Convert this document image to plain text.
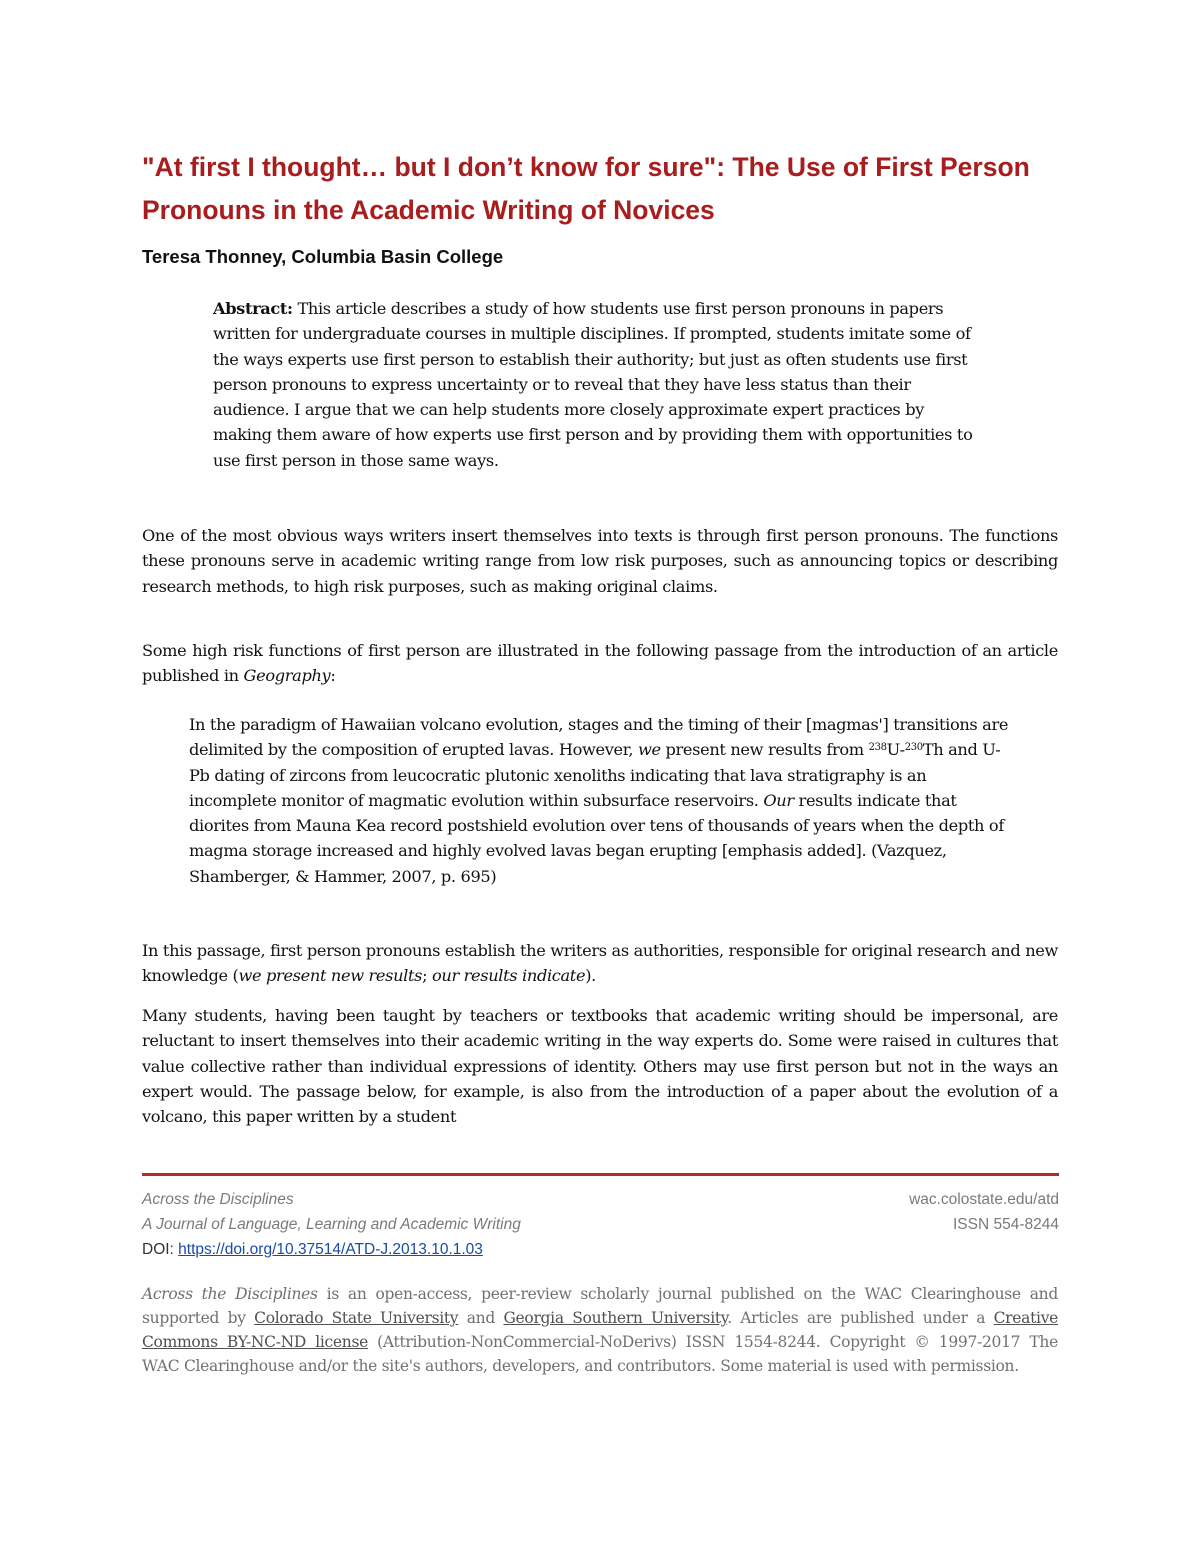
"At first I thought… but I don’t know for sure": The Use of First Person Pronouns in the Academic Writing of Novices

Teresa Thonney, Columbia Basin College

Abstract: This article describes a study of how students use first person pronouns in papers written for undergraduate courses in multiple disciplines. If prompted, students imitate some of the ways experts use first person to establish their authority; but just as often students use first person pronouns to express uncertainty or to reveal that they have less status than their audience. I argue that we can help students more closely approximate expert practices by making them aware of how experts use first person and by providing them with opportunities to use first person in those same ways.

One of the most obvious ways writers insert themselves into texts is through first person pronouns. The functions these pronouns serve in academic writing range from low risk purposes, such as announcing topics or describing research methods, to high risk purposes, such as making original claims.

Some high risk functions of first person are illustrated in the following passage from the introduction of an article published in Geography:

In the paradigm of Hawaiian volcano evolution, stages and the timing of their [magmas'] transitions are delimited by the composition of erupted lavas. However, we present new results from $^{238}$U-$^{230}$Th and U-Pb dating of zircons from leucocratic plutonic xenoliths indicating that lava stratigraphy is an incomplete monitor of magmatic evolution within subsurface reservoirs. Our results indicate that diorites from Mauna Kea record postshield evolution over tens of thousands of years when the depth of magma storage increased and highly evolved lavas began erupting [emphasis added]. (Vazquez, Shamberger, & Hammer, 2007, p. 695)

In this passage, first person pronouns establish the writers as authorities, responsible for original research and new knowledge (we present new results; our results indicate).

Many students, having been taught by teachers or textbooks that academic writing should be impersonal, are reluctant to insert themselves into their academic writing in the way experts do. Some were raised in cultures that value collective rather than individual expressions of identity. Others may use first person but not in the ways an expert would. The passage below, for example, is also from the introduction of a paper about the evolution of a volcano, this paper written by a student

Across the Disciplines
A Journal of Language, Learning and Academic Writing
DOI: https://doi.org/10.37514/ATD-J.2013.10.1.03
wac.colostate.edu/atd
ISSN 554-8244

Across the Disciplines is an open-access, peer-review scholarly journal published on the WAC Clearinghouse and supported by Colorado State University and Georgia Southern University. Articles are published under a Creative Commons BY-NC-ND license (Attribution-NonCommercial-NoDerivs) ISSN 1554-8244. Copyright © 1997-2017 The WAC Clearinghouse and/or the site's authors, developers, and contributors. Some material is used with permission.
